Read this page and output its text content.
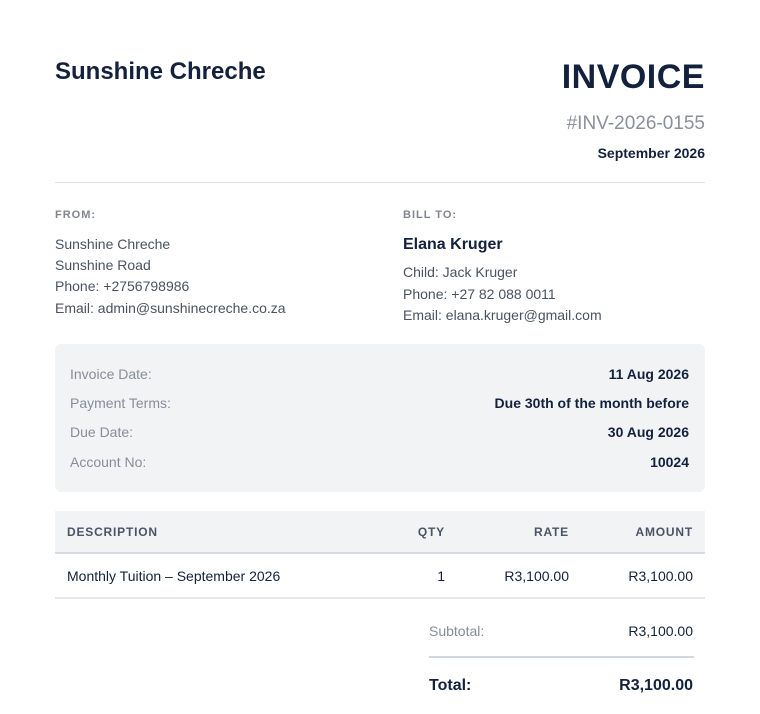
Sunshine Chreche	INVOICE
#INV-2026-0155
September 2026
FROM:
Sunshine Chreche
Sunshine Road
Phone: +2756798986
Email: admin@sunshinecreche.co.za
BILL TO:
Elana Kruger
Child: Jack Kruger
Phone: +27 82 088 0011
Email: elana.kruger@gmail.com
Invoice Date:	11 Aug 2026
Payment Terms:	Due 30th of the month before
Due Date:	30 Aug 2026
Account No:	10024
DESCRIPTION	QTY	RATE	AMOUNT
Monthly Tuition – September 2026	1	R3,100.00	R3,100.00
Subtotal:	R3,100.00
Total:	R3,100.00
